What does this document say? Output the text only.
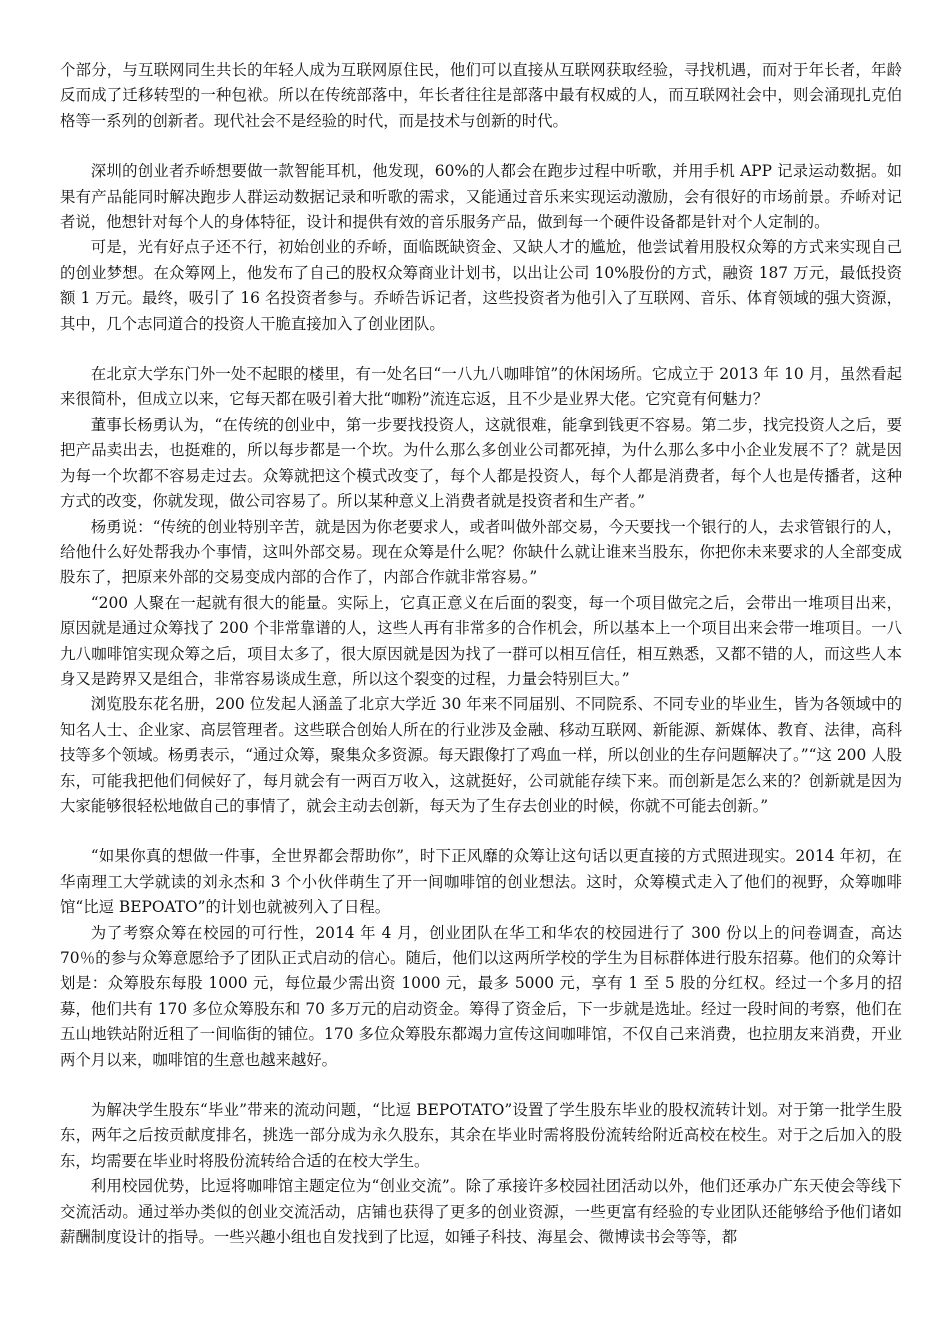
个部分，与互联网同生共长的年轻人成为互联网原住民，他们可以直接从互联网获取经验，寻找机遇，而对于年长者，年龄反而成了迁移转型的一种包袱。所以在传统部落中，年长者往往是部落中最有权威的人，而互联网社会中，则会涌现扎克伯格等一系列的创新者。现代社会不是经验的时代，而是技术与创新的时代。

深圳的创业者乔峤想要做一款智能耳机，他发现，60%的人都会在跑步过程中听歌，并用手机 APP 记录运动数据。如果有产品能同时解决跑步人群运动数据记录和听歌的需求，又能通过音乐来实现运动激励，会有很好的市场前景。乔峤对记者说，他想针对每个人的身体特征，设计和提供有效的音乐服务产品，做到每一个硬件设备都是针对个人定制的。

可是，光有好点子还不行，初始创业的乔峤，面临既缺资金、又缺人才的尴尬，他尝试着用股权众筹的方式来实现自己的创业梦想。在众筹网上，他发布了自己的股权众筹商业计划书，以出让公司 10%股份的方式，融资 187 万元，最低投资额 1 万元。最终，吸引了 16 名投资者参与。乔峤告诉记者，这些投资者为他引入了互联网、音乐、体育领域的强大资源，其中，几个志同道合的投资人干脆直接加入了创业团队。

在北京大学东门外一处不起眼的楼里，有一处名曰“一八九八咖啡馆”的休闲场所。它成立于 2013 年 10 月，虽然看起来很简朴，但成立以来，它每天都在吸引着大批“咖粉”流连忘返，且不少是业界大佬。它究竟有何魅力？

董事长杨勇认为，“在传统的创业中，第一步要找投资人，这就很难，能拿到钱更不容易。第二步，找完投资人之后，要把产品卖出去，也挺难的，所以每步都是一个坎。为什么那么多创业公司都死掉，为什么那么多中小企业发展不了？就是因为每一个坎都不容易走过去。众筹就把这个模式改变了，每个人都是投资人，每个人都是消费者，每个人也是传播者，这种方式的改变，你就发现，做公司容易了。所以某种意义上消费者就是投资者和生产者。”

杨勇说：“传统的创业特别辛苦，就是因为你老要求人，或者叫做外部交易，今天要找一个银行的人，去求管银行的人，给他什么好处帮我办个事情，这叫外部交易。现在众筹是什么呢？你缺什么就让谁来当股东，你把你未来要求的人全部变成股东了，把原来外部的交易变成内部的合作了，内部合作就非常容易。”

“200 人聚在一起就有很大的能量。实际上，它真正意义在后面的裂变，每一个项目做完之后，会带出一堆项目出来，原因就是通过众筹找了 200 个非常靠谱的人，这些人再有非常多的合作机会，所以基本上一个项目出来会带一堆项目。一八九八咖啡馆实现众筹之后，项目太多了，很大原因就是因为找了一群可以相互信任，相互熟悉，又都不错的人，而这些人本身又是跨界又是组合，非常容易谈成生意，所以这个裂变的过程，力量会特别巨大。”

浏览股东花名册，200 位发起人涵盖了北京大学近 30 年来不同届别、不同院系、不同专业的毕业生，皆为各领域中的知名人士、企业家、高层管理者。这些联合创始人所在的行业涉及金融、移动互联网、新能源、新媒体、教育、法律，高科技等多个领域。杨勇表示，“通过众筹，聚集众多资源。每天跟像打了鸡血一样，所以创业的生存问题解决了。”“这 200 人股东，可能我把他们伺候好了，每月就会有一两百万收入，这就挺好，公司就能存续下来。而创新是怎么来的？创新就是因为大家能够很轻松地做自己的事情了，就会主动去创新，每天为了生存去创业的时候，你就不可能去创新。”

“如果你真的想做一件事，全世界都会帮助你”，时下正风靡的众筹让这句话以更直接的方式照进现实。2014 年初，在华南理工大学就读的刘永杰和 3 个小伙伴萌生了开一间咖啡馆的创业想法。这时，众筹模式走入了他们的视野，众筹咖啡馆“比逗 BEPOATO”的计划也就被列入了日程。

为了考察众筹在校园的可行性，2014 年 4 月，创业团队在华工和华农的校园进行了 300 份以上的问卷调查，高达 70％的参与众筹意愿给予了团队正式启动的信心。随后，他们以这两所学校的学生为目标群体进行股东招募。他们的众筹计划是：众筹股东每股 1000 元，每位最少需出资 1000 元，最多 5000 元，享有 1 至 5 股的分红权。经过一个多月的招募，他们共有 170 多位众筹股东和 70 多万元的启动资金。筹得了资金后，下一步就是选址。经过一段时间的考察，他们在五山地铁站附近租了一间临街的铺位。170 多位众筹股东都竭力宣传这间咖啡馆，不仅自己来消费，也拉朋友来消费，开业两个月以来，咖啡馆的生意也越来越好。

为解决学生股东“毕业”带来的流动问题，“比逗 BEPOTATO”设置了学生股东毕业的股权流转计划。对于第一批学生股东，两年之后按贡献度排名，挑选一部分成为永久股东，其余在毕业时需将股份流转给附近高校在校生。对于之后加入的股东，均需要在毕业时将股份流转给合适的在校大学生。

利用校园优势，比逗将咖啡馆主题定位为“创业交流”。除了承接许多校园社团活动以外，他们还承办广东天使会等线下交流活动。通过举办类似的创业交流活动，店铺也获得了更多的创业资源，一些更富有经验的专业团队还能够给予他们诸如薪酬制度设计的指导。一些兴趣小组也自发找到了比逗，如锤子科技、海星会、微博读书会等等，都
